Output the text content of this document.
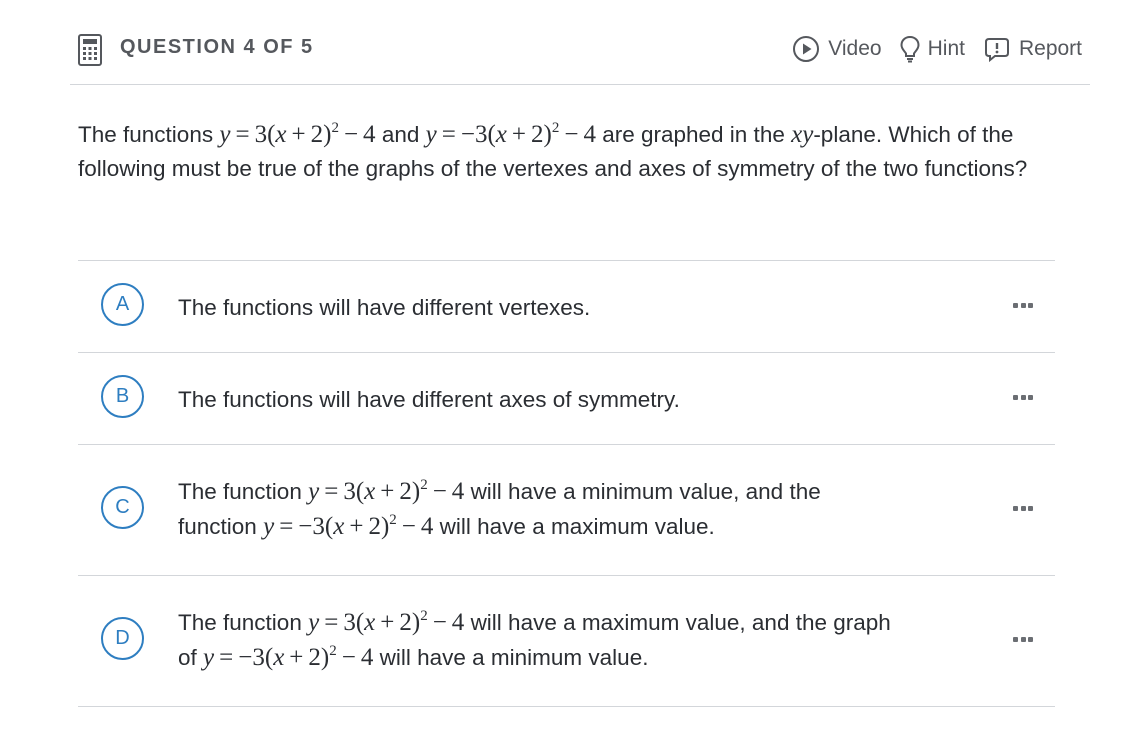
QUESTION 4 OF 5	Video Hint	Report
The functions $y = 3(x + 2)^2 - 4$ and $y = -3(x + 2)^2 - 4$ are graphed in the xy-plane. Which of the following must be true of the graphs of the vertexes and axes of symmetry of the two functions?
A	The functions will have different vertexes.
B	The functions will have different axes of symmetry.
C
The function $y = 3(x + 2)^2 - 4$ will have a minimum value, and the
function $y = -3(x + 2)^2 - 4$ will have a maximum value.
D
The function $y = 3(x + 2)^2 - 4$ will have a maximum value, and the graph
of $y = -3(x + 2)^2 - 4$ will have a minimum value.
